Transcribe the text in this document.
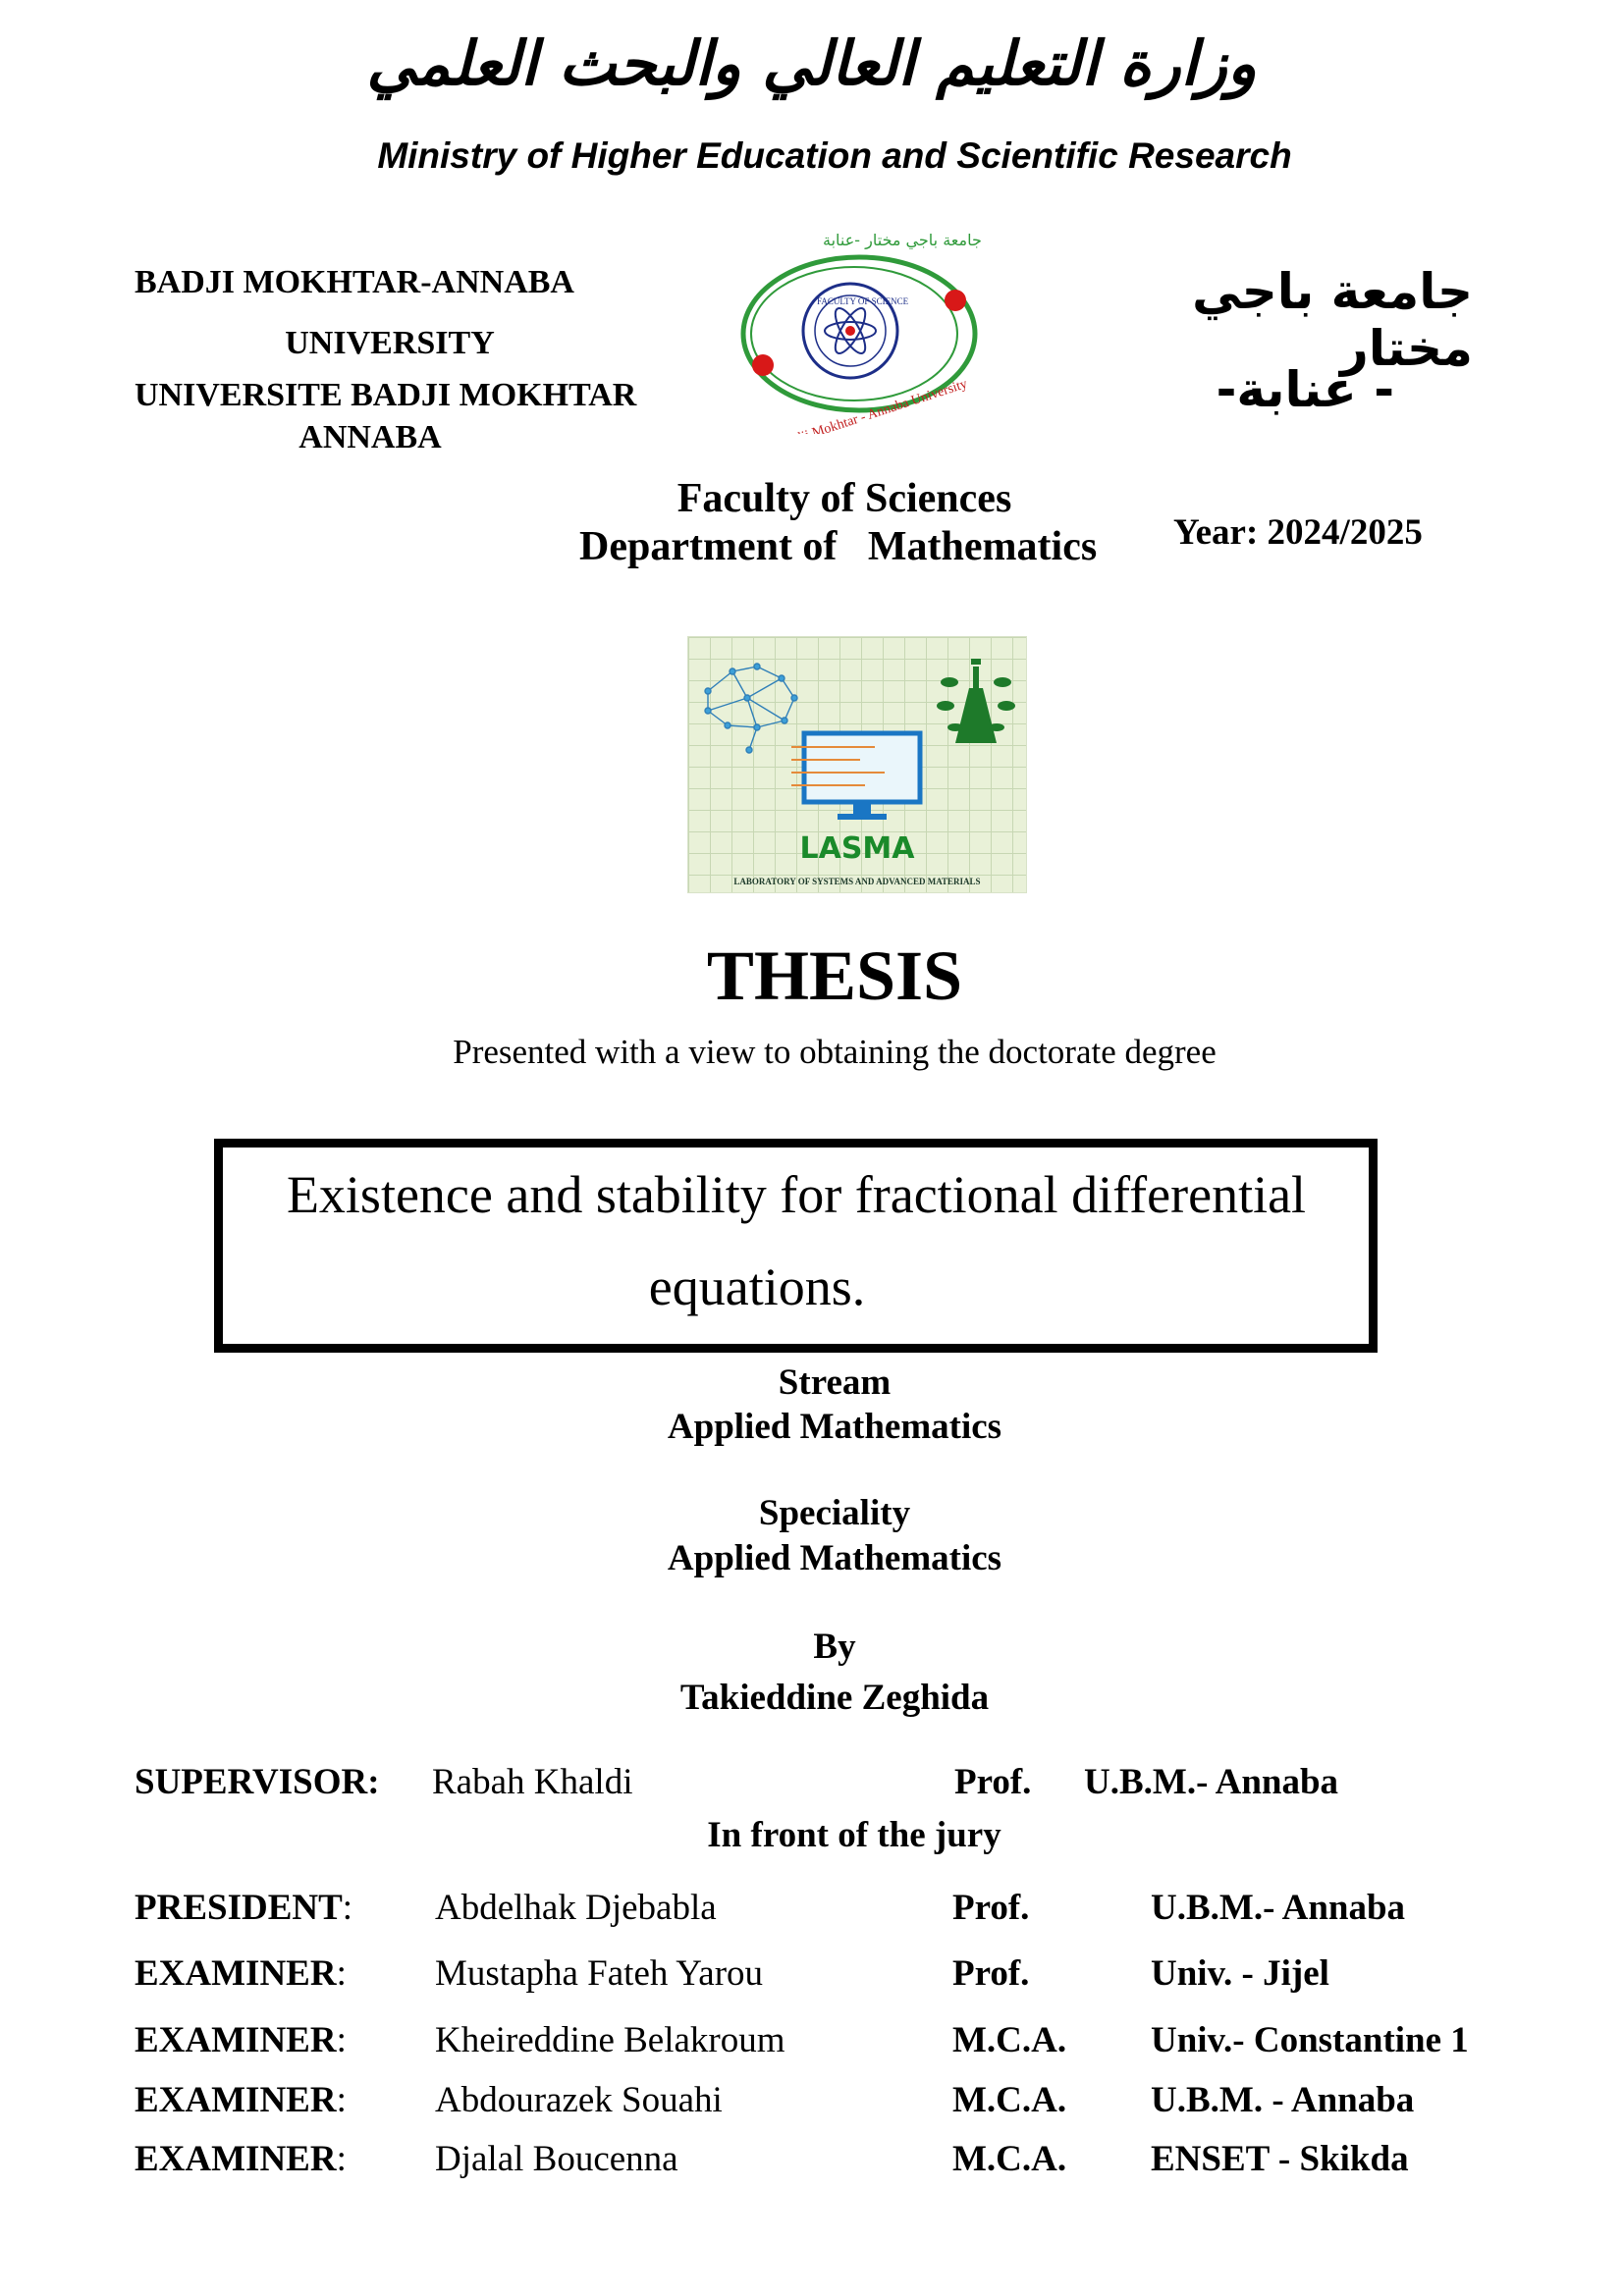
وزارة التعليم العالي والبحث العلمي
Ministry of Higher Education and Scientific Research
BADJI MOKHTAR-ANNABA
UNIVERSITY
UNIVERSITE BADJI MOKHTAR
ANNABA
جامعة باجي مختار -عنابة
FACULTY OF SCIENCE
Badji Mokhtar - Annaba University
جامعة باجي مختار
- عنابة-
Faculty of Sciences
Department of   Mathematics Year: 2024/2025
LASMA
LABORATORY OF SYSTEMS AND ADVANCED MATERIALS
THESIS
Presented with a view to obtaining the doctorate degree
Existence and stability for fractional differential
equations.
Stream
Applied Mathematics
Speciality
Applied Mathematics
By
Takieddine Zeghida
SUPERVISOR: Rabah Khaldi	Prof. U.B.M.- Annaba
In front of the jury
PRESIDENT: Abdelhak Djebabla	Prof.	U.B.M.- Annaba
EXAMINER: Mustapha Fateh Yarou	Prof.	Univ. - Jijel
EXAMINER: Kheireddine Belakroum	M.C.A. Univ.- Constantine 1
EXAMINER: Abdourazek Souahi	M.C.A. U.B.M. - Annaba
EXAMINER: Djalal Boucenna	M.C.A. ENSET - Skikda
